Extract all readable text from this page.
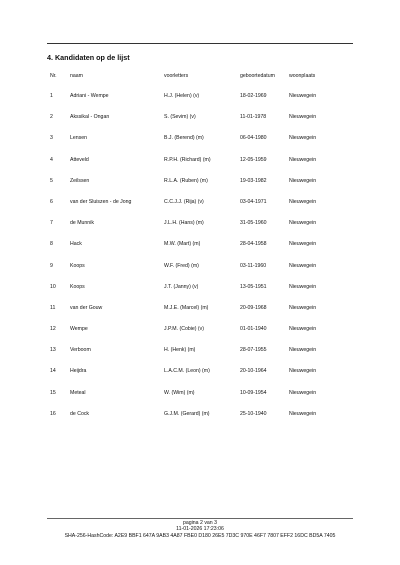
4. Kandidaten op de lijst
Nr.	naam	voorletters	geboortedatum	woonplaats
1	Adriani - Wempe	H.J. (Helen) (v)	18-02-1969	Nieuwegein
2	Akssikal - Ongan	S. (Sevim) (v)	11-01-1978	Nieuwegein
3	Lensen	B.J. (Berend) (m)	06-04-1980	Nieuwegein
4	Atteveld	R.P.H. (Richard) (m)	12-05-1959	Nieuwegein
5	Zeilssen	R.L.A. (Ruben) (m)	19-03-1982	Nieuwegein
6	van der Sluiszen - de Jong	C.C.J.J. (Rija) (v)	03-04-1971	Nieuwegein
7	de Munnik	J.L.H. (Hans) (m)	31-05-1960	Nieuwegein
8	Hack	M.W. (Mart) (m)	28-04-1958	Nieuwegein
9	Koops	W.F. (Fred) (m)	03-11-1960	Nieuwegein
10	Koops	J.T. (Janny) (v)	13-05-1951	Nieuwegein
11	van der Gouw	M.J.E. (Marcel) (m)	20-09-1968	Nieuwegein
12	Wempe	J.P.M. (Cobie) (v)	01-01-1940	Nieuwegein
13	Verboom	H. (Henk) (m)	28-07-1955	Nieuwegein
14	Heijdra	L.A.C.M. (Leon) (m)	20-10-1964	Nieuwegein
15	Meteal	W. (Wim) (m)	10-09-1954	Nieuwegein
16	de Cock	G.J.M. (Gerard) (m)	25-10-1940	Nieuwegein
pagina 2 van 3
11-01-2026 17:23:06
SHA-256-HashCode: A2E9 BBF1 647A 9AB3 4A87 FBE0 D180 26E5 7D3C 970E 46F7 7807 EFF2 16DC BD5A 7405
